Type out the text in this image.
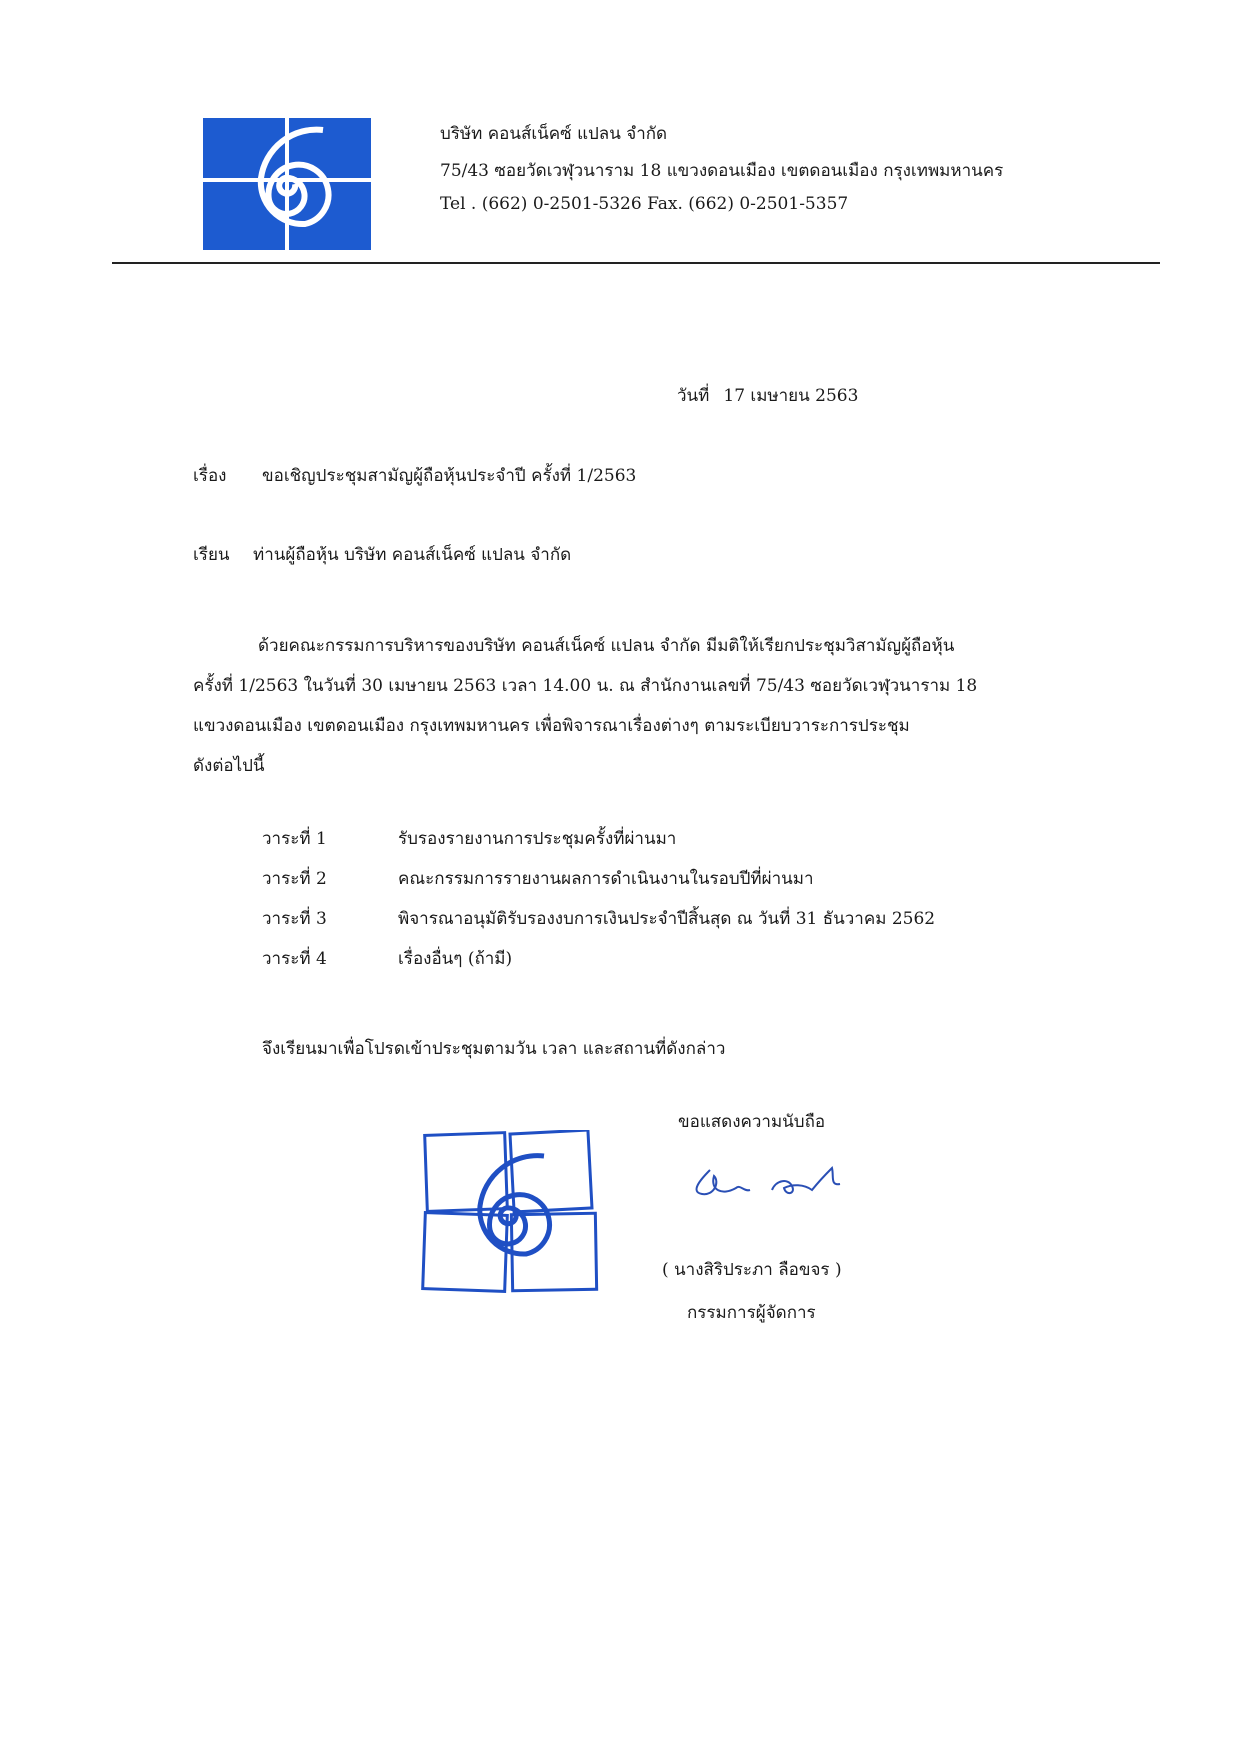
บริษัท คอนส์เน็คซ์ แปลน จำกัด
75/43 ซอยวัดเวฬุวนาราม 18 แขวงดอนเมือง เขตดอนเมือง กรุงเทพมหานคร
Tel . (662) 0-2501-5326 Fax. (662) 0-2501-5357
วันที่ 17 เมษายน 2563
เรื่อง ขอเชิญประชุมสามัญผู้ถือหุ้นประจำปี ครั้งที่ 1/2563
เรียน ท่านผู้ถือหุ้น บริษัท คอนส์เน็คซ์ แปลน จำกัด

ด้วยคณะกรรมการบริหารของบริษัท คอนส์เน็คซ์ แปลน จำกัด มีมติให้เรียกประชุมวิสามัญผู้ถือหุ้น

ครั้งที่ 1/2563 ในวันที่ 30 เมษายน 2563 เวลา 14.00 น. ณ สำนักงานเลขที่ 75/43 ซอยวัดเวฬุวนาราม 18

แขวงดอนเมือง เขตดอนเมือง กรุงเทพมหานคร เพื่อพิจารณาเรื่องต่างๆ ตามระเบียบวาระการประชุม

ดังต่อไปนี้

วาระที่ 1	รับรองรายงานการประชุมครั้งที่ผ่านมา
วาระที่ 2	คณะกรรมการรายงานผลการดำเนินงานในรอบปีที่ผ่านมา
วาระที่ 3	พิจารณาอนุมัติรับรองงบการเงินประจำปีสิ้นสุด ณ วันที่ 31 ธันวาคม 2562
วาระที่ 4	เรื่องอื่นๆ (ถ้ามี)
จึงเรียนมาเพื่อโปรดเข้าประชุมตามวัน เวลา และสถานที่ดังกล่าว
ขอแสดงความนับถือ
( นางสิริประภา ลือขจร )
กรรมการผู้จัดการ
